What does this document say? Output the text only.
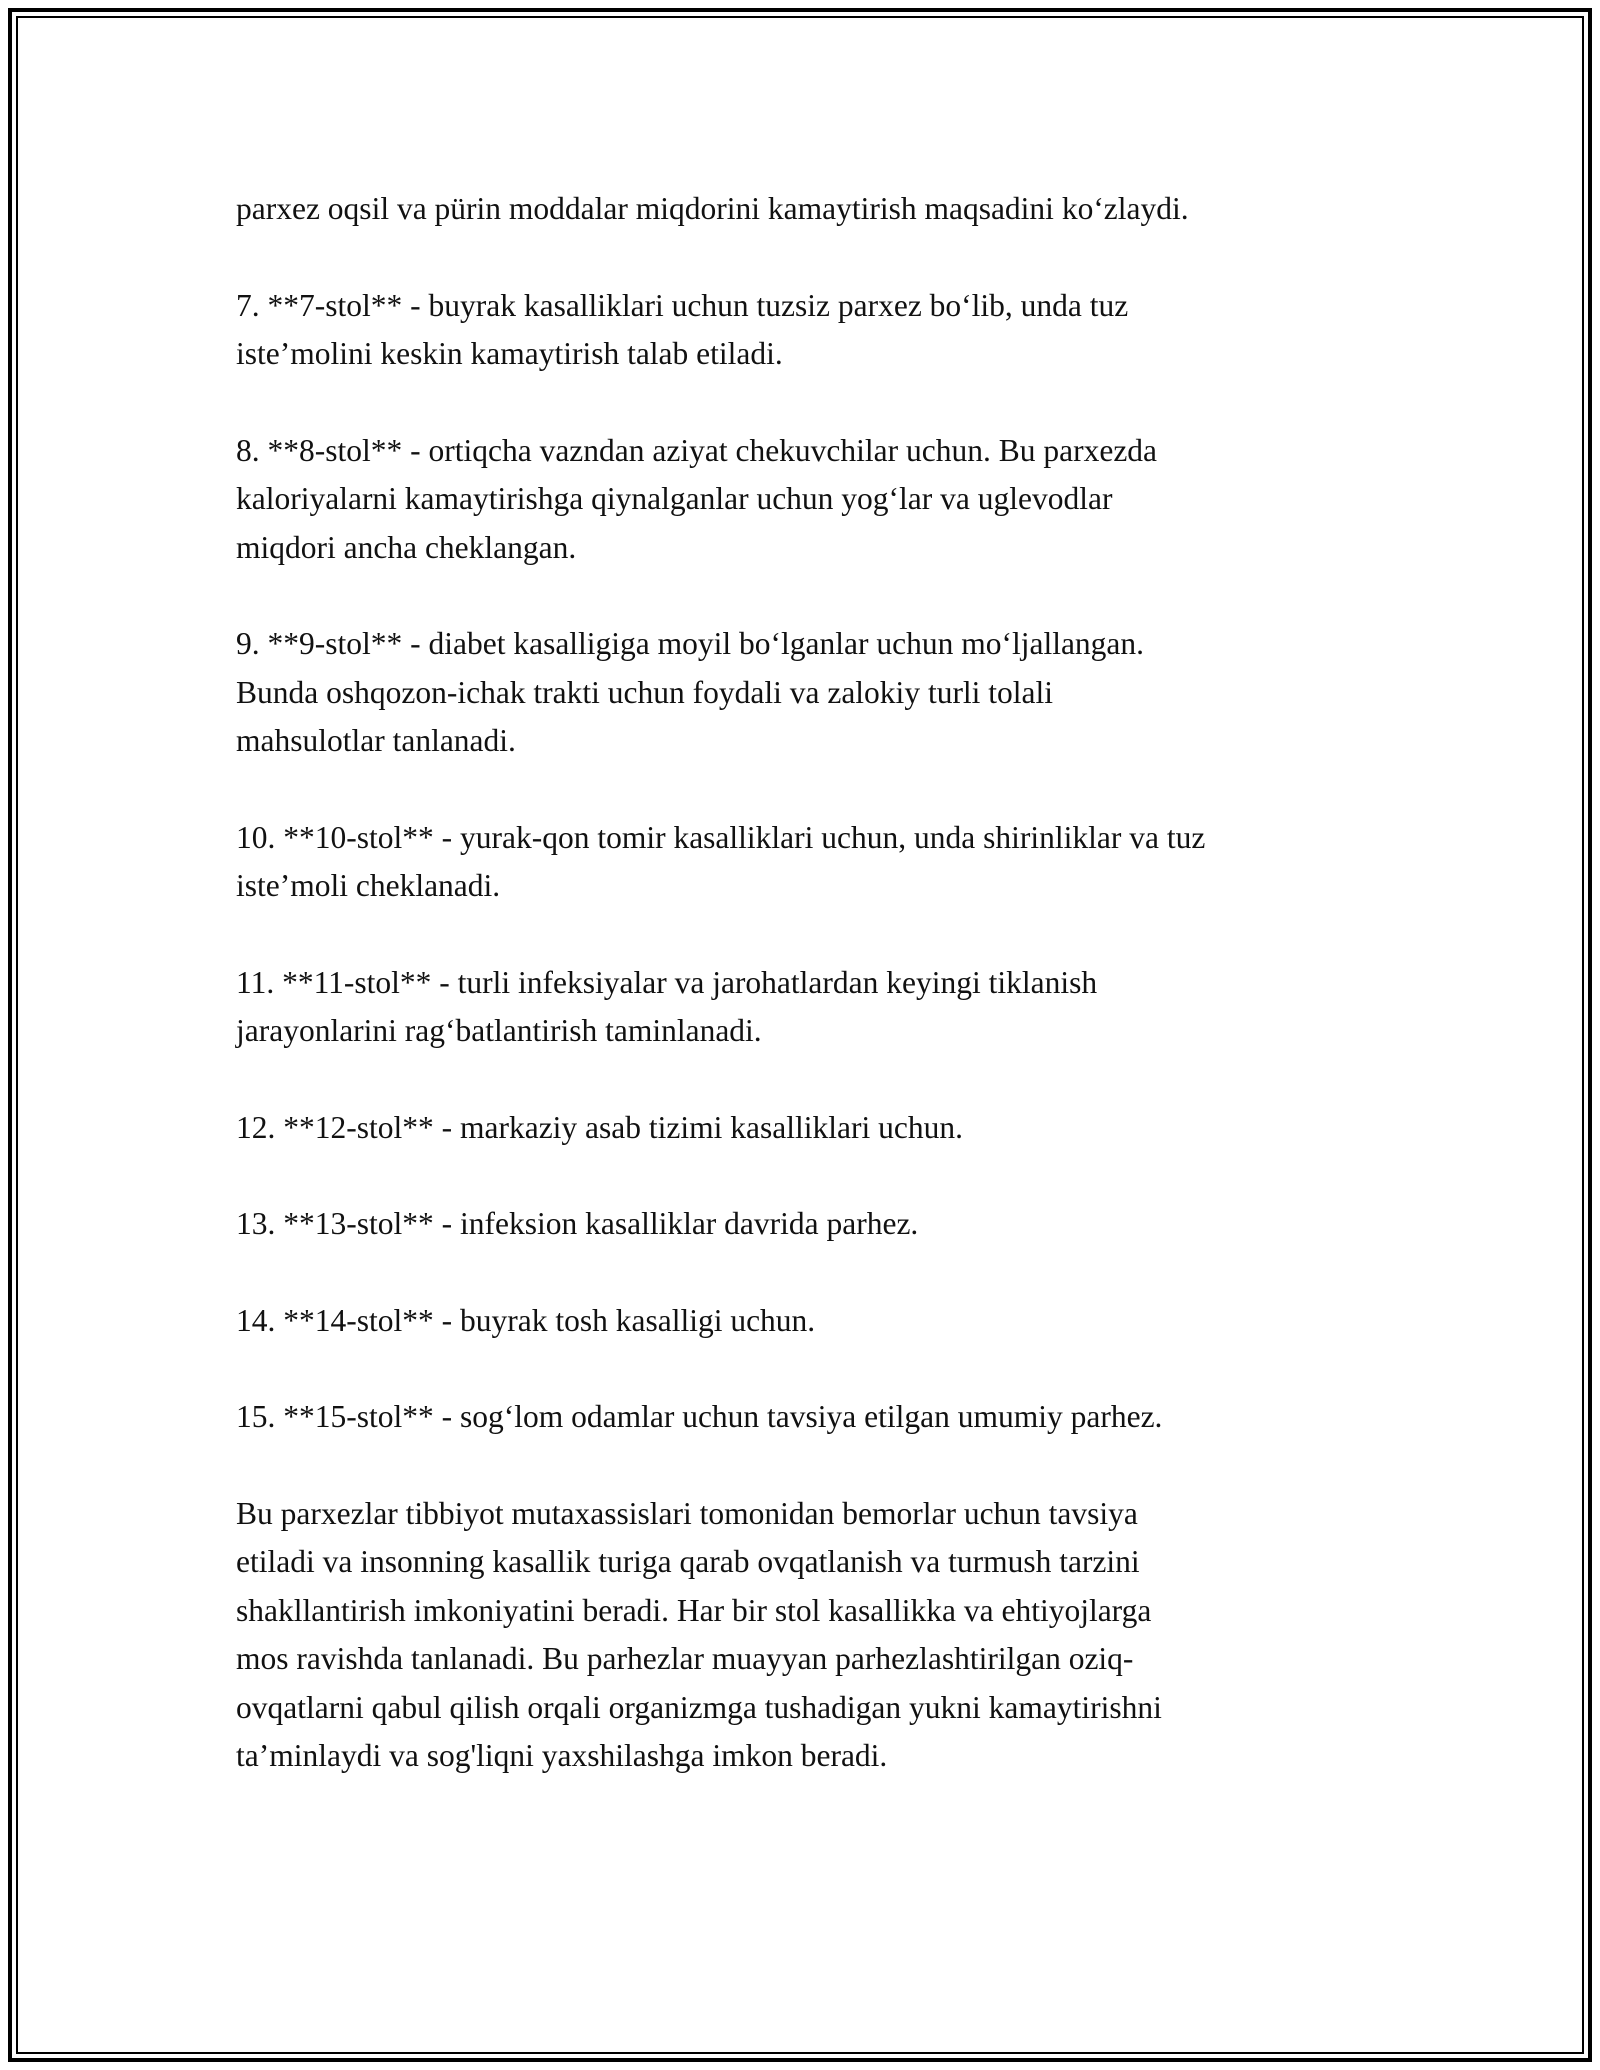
parxez oqsil va pürin moddalar miqdorini kamaytirish maqsadini ko‘zlaydi.

7. **7-stol** - buyrak kasalliklari uchun tuzsiz parxez bo‘lib, unda tuz
iste’molini keskin kamaytirish talab etiladi.

8. **8-stol** - ortiqcha vazndan aziyat chekuvchilar uchun. Bu parxezda
kaloriyalarni kamaytirishga qiynalganlar uchun yog‘lar va uglevodlar
miqdori ancha cheklangan.

9. **9-stol** - diabet kasalligiga moyil bo‘lganlar uchun mo‘ljallangan.
Bunda oshqozon-ichak trakti uchun foydali va zalokiy turli tolali
mahsulotlar tanlanadi.

10. **10-stol** - yurak-qon tomir kasalliklari uchun, unda shirinliklar va tuz
iste’moli cheklanadi.

11. **11-stol** - turli infeksiyalar va jarohatlardan keyingi tiklanish
jarayonlarini rag‘batlantirish taminlanadi.

12. **12-stol** - markaziy asab tizimi kasalliklari uchun.

13. **13-stol** - infeksion kasalliklar davrida parhez.

14. **14-stol** - buyrak tosh kasalligi uchun.

15. **15-stol** - sog‘lom odamlar uchun tavsiya etilgan umumiy parhez.

Bu parxezlar tibbiyot mutaxassislari tomonidan bemorlar uchun tavsiya
etiladi va insonning kasallik turiga qarab ovqatlanish va turmush tarzini
shakllantirish imkoniyatini beradi. Har bir stol kasallikka va ehtiyojlarga
mos ravishda tanlanadi. Bu parhezlar muayyan parhezlashtirilgan oziq-
ovqatlarni qabul qilish orqali organizmga tushadigan yukni kamaytirishni
ta’minlaydi va sog'liqni yaxshilashga imkon beradi.
